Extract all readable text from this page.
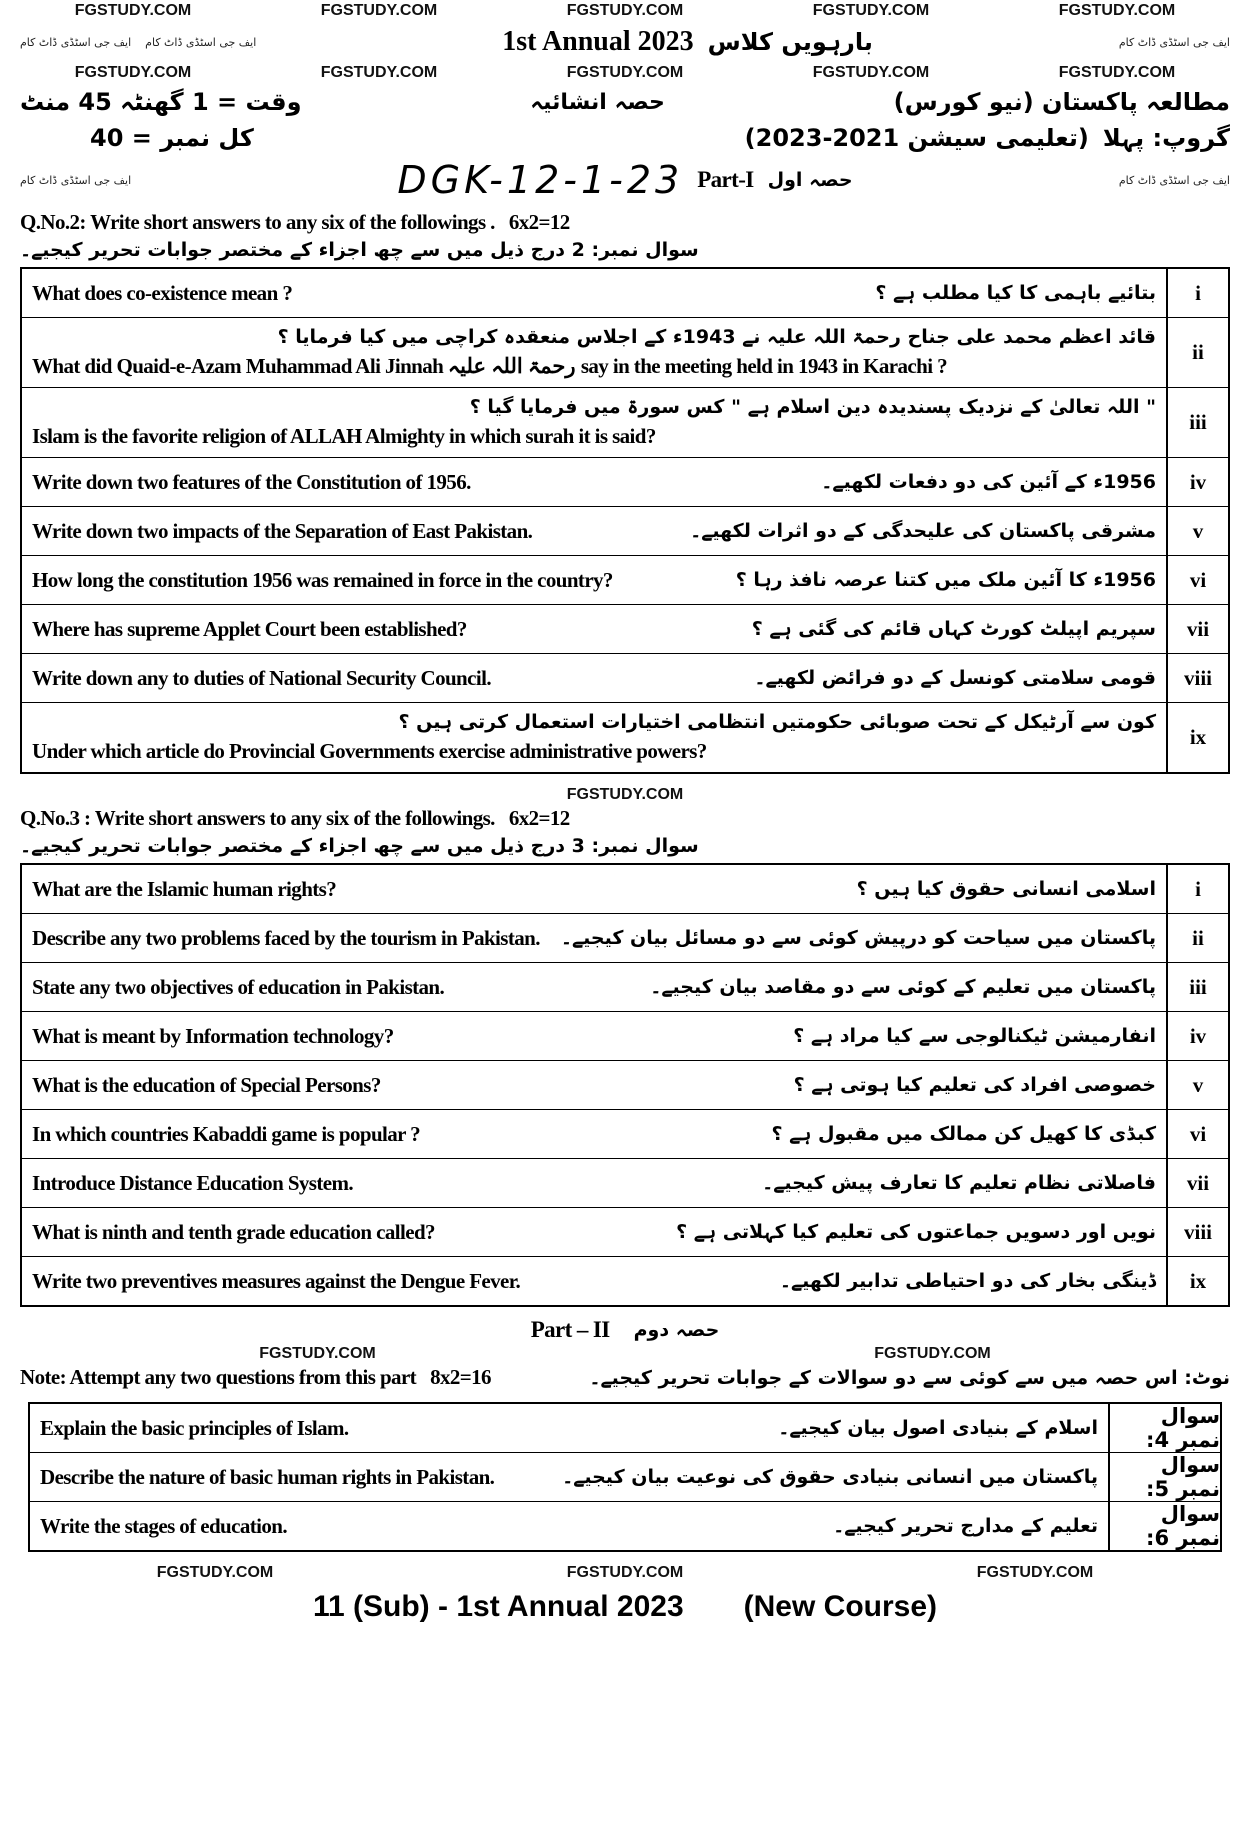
FGSTUDY.COM	FGSTUDY.COM	FGSTUDY.COM	FGSTUDY.COM	FGSTUDY.COM
ایف جی اسٹڈی ڈاٹ کام ایف جی اسٹڈی ڈاٹ کام	1st Annual 2023 بارہویں کلاس	ایف جی اسٹڈی ڈاٹ کام
FGSTUDY.COM	FGSTUDY.COM	FGSTUDY.COM	FGSTUDY.COM	FGSTUDY.COM
وقت = 1 گھنٹہ 45 منٹ	حصہ انشائیہ	مطالعہ پاکستان (نیو کورس)
کل نمبر = 40	گروپ: پہلا
(تعلیمی سیشن 2021-2023)
ایف جی اسٹڈی ڈاٹ کام	DGK-12-1-23 Part-I حصہ اول	ایف جی اسٹڈی ڈاٹ کام
Q.No.2: Write short answers to any six of the followings . 6x2=12
سوال نمبر: 2 درج ذیل میں سے چھ اجزاء کے مختصر جوابات تحریر کیجیے۔
بتائیے باہمی کا کیا مطلب ہے ؟
What does co-existence mean ?	i
قائد اعظم محمد علی جناح رحمۃ اللہ علیہ نے 1943ء کے اجلاس منعقدہ کراچی میں کیا فرمایا ؟
What did Quaid-e-Azam Muhammad Ali Jinnah رحمۃ اللہ علیہ say in the meeting held in 1943 in Karachi ?
ii
" اللہ تعالیٰ کے نزدیک پسندیدہ دین اسلام ہے " کس سورۃ میں فرمایا گیا ؟
Islam is the favorite religion of ALLAH Almighty in which surah it is said?
iii
1956ء کے آئین کی دو دفعات لکھیے۔
Write down two features of the Constitution of 1956.	iv
مشرقی پاکستان کی علیحدگی کے دو اثرات لکھیے۔
Write down two impacts of the Separation of East Pakistan.	v
1956ء کا آئین ملک میں کتنا عرصہ نافذ رہا ؟
How long the constitution 1956 was remained in force in the country?	vi
سپریم اپیلٹ کورٹ کہاں قائم کی گئی ہے ؟
Where has supreme Applet Court been established?	vii
قومی سلامتی کونسل کے دو فرائض لکھیے۔
Write down any to duties of National Security Council.	viii
کون سے آرٹیکل کے تحت صوبائی حکومتیں انتظامی اختیارات استعمال کرتی ہیں ؟
Under which article do Provincial Governments exercise administrative powers?
ix
FGSTUDY.COM
Q.No.3 : Write short answers to any six of the followings. 6x2=12
سوال نمبر: 3 درج ذیل میں سے چھ اجزاء کے مختصر جوابات تحریر کیجیے۔
اسلامی انسانی حقوق کیا ہیں ؟
What are the Islamic human rights?	i
پاکستان میں سیاحت کو درپیش کوئی سے دو مسائل بیان کیجیے۔
Describe any two problems faced by the tourism in Pakistan.	ii
پاکستان میں تعلیم کے کوئی سے دو مقاصد بیان کیجیے۔
State any two objectives of education in Pakistan.	iii
انفارمیشن ٹیکنالوجی سے کیا مراد ہے ؟
What is meant by Information technology?	iv
خصوصی افراد کی تعلیم کیا ہوتی ہے ؟
What is the education of Special Persons?	v
کبڈی کا کھیل کن ممالک میں مقبول ہے ؟
In which countries Kabaddi game is popular ?	vi
فاصلاتی نظام تعلیم کا تعارف پیش کیجیے۔
Introduce Distance Education System.	vii
نویں اور دسویں جماعتوں کی تعلیم کیا کہلاتی ہے ؟
What is ninth and tenth grade education called?	viii
ڈینگی بخار کی دو احتیاطی تدابیر لکھیے۔
Write two preventives measures against the Dengue Fever.	ix
Part – II حصہ دوم
FGSTUDY.COM	FGSTUDY.COM
Note: Attempt any two questions from this part 8x2=16	نوٹ: اس حصہ میں سے کوئی سے دو سوالات کے جوابات تحریر کیجیے۔
اسلام کے بنیادی اصول بیان کیجیے۔
Explain the basic principles of Islam.	سوال نمبر 4:
پاکستان میں انسانی بنیادی حقوق کی نوعیت بیان کیجیے۔
Describe the nature of basic human rights in Pakistan.	سوال نمبر 5:
تعلیم کے مدارج تحریر کیجیے۔
Write the stages of education.	سوال نمبر 6:
FGSTUDY.COM	FGSTUDY.COM	FGSTUDY.COM
11 (Sub) - 1st Annual 2023 (New Course)
